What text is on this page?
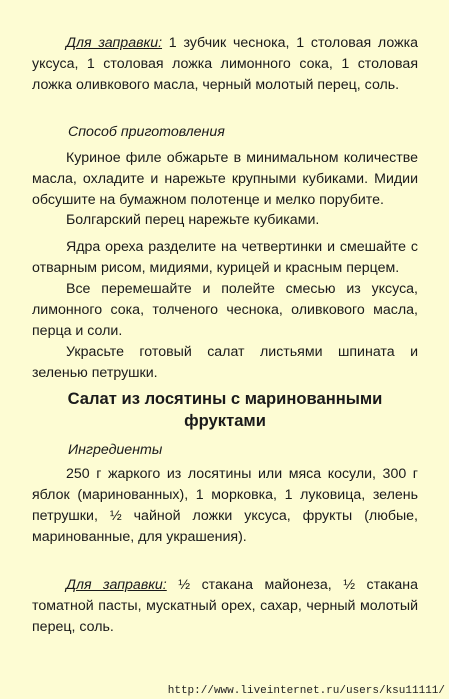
Для заправки: 1 зубчик чеснока, 1 столовая ложка уксуса, 1 столовая ложка лимонного сока, 1 столовая ложка оливкового масла, черный молотый перец, соль.

Способ приготовления

Куриное филе обжарьте в минимальном количестве масла, охладите и нарежьте крупными кубиками. Мидии обсушите на бумажном полотенце и мелко порубите.

Болгарский перец нарежьте кубиками.

Ядра ореха разделите на четвертинки и смешайте с отварным рисом, мидиями, курицей и красным перцем.

Все перемешайте и полейте смесью из уксуса, лимонного сока, толченого чеснока, оливкового масла, перца и соли.

Украсьте готовый салат листьями шпината и зеленью петрушки.

Салат из лосятины с маринованными
фруктами

Ингредиенты

250 г жаркого из лосятины или мяса косули, 300 г яблок (маринованных), 1 морковка, 1 луковица, зелень петрушки, ½ чайной ложки уксуса, фрукты (любые, маринованные, для украшения).

Для заправки: ½ стакана майонеза, ½ стакана томатной пасты, мускатный орех, сахар, черный молотый перец, соль.

http://www.liveinternet.ru/users/ksu11111/
